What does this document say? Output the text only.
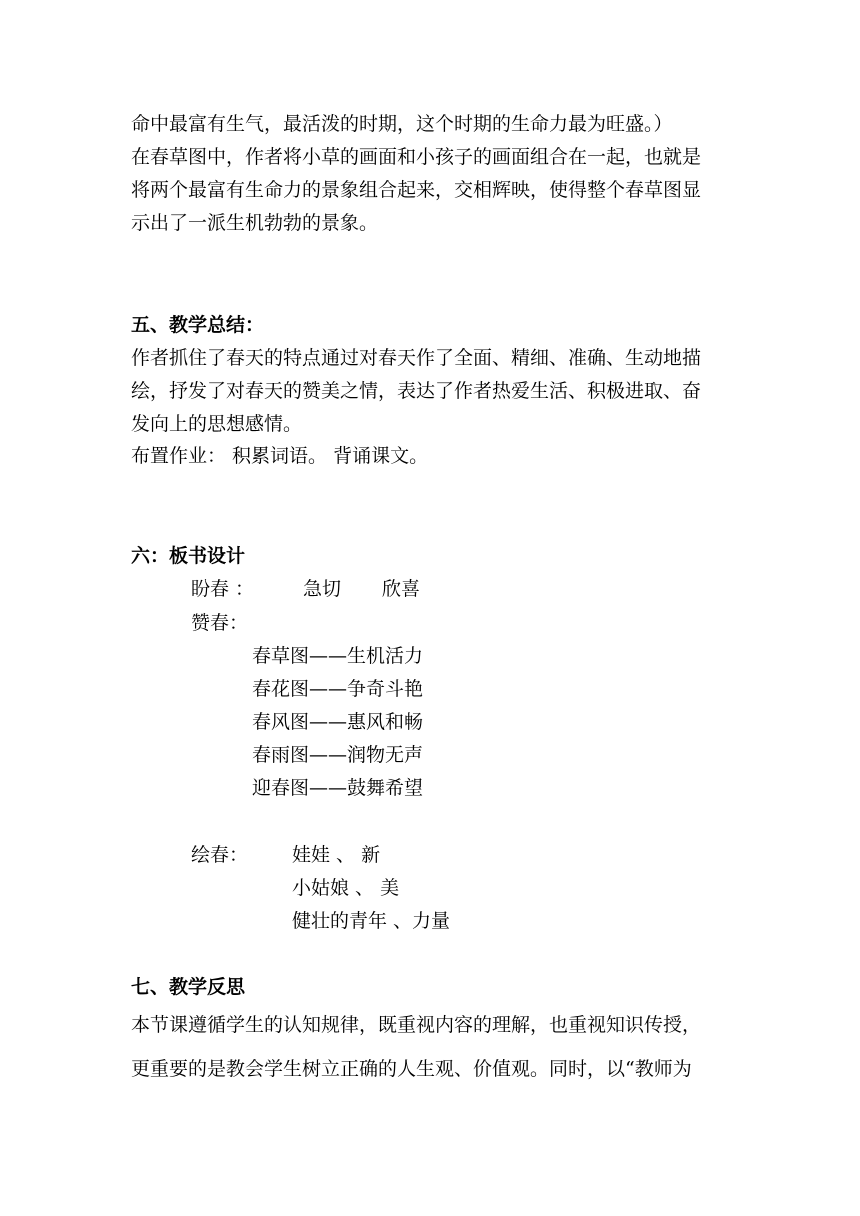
命中最富有生气，最活泼的时期，这个时期的生命力最为旺盛。）
在春草图中，作者将小草的画面和小孩子的画面组合在一起，也就是
将两个最富有生命力的景象组合起来，交相辉映，使得整个春草图显
示出了一派生机勃勃的景象。
五、教学总结：
作者抓住了春天的特点通过对春天作了全面、精细、准确、生动地描
绘，抒发了对春天的赞美之情，表达了作者热爱生活、积极进取、奋
发向上的思想感情。
布置作业： 积累词语。 背诵课文。
六：板书设计
盼春 ：	急切 欣喜
赞春：
春草图——生机活力
春花图——争奇斗艳
春风图——惠风和畅
春雨图——润物无声
迎春图——鼓舞希望
绘春： 娃娃 、 新
小姑娘 、 美
健壮的青年 、力量
七、教学反思
本节课遵循学生的认知规律，既重视内容的理解，也重视知识传授，
更重要的是教会学生树立正确的人生观、价值观。同时，以“教师为
